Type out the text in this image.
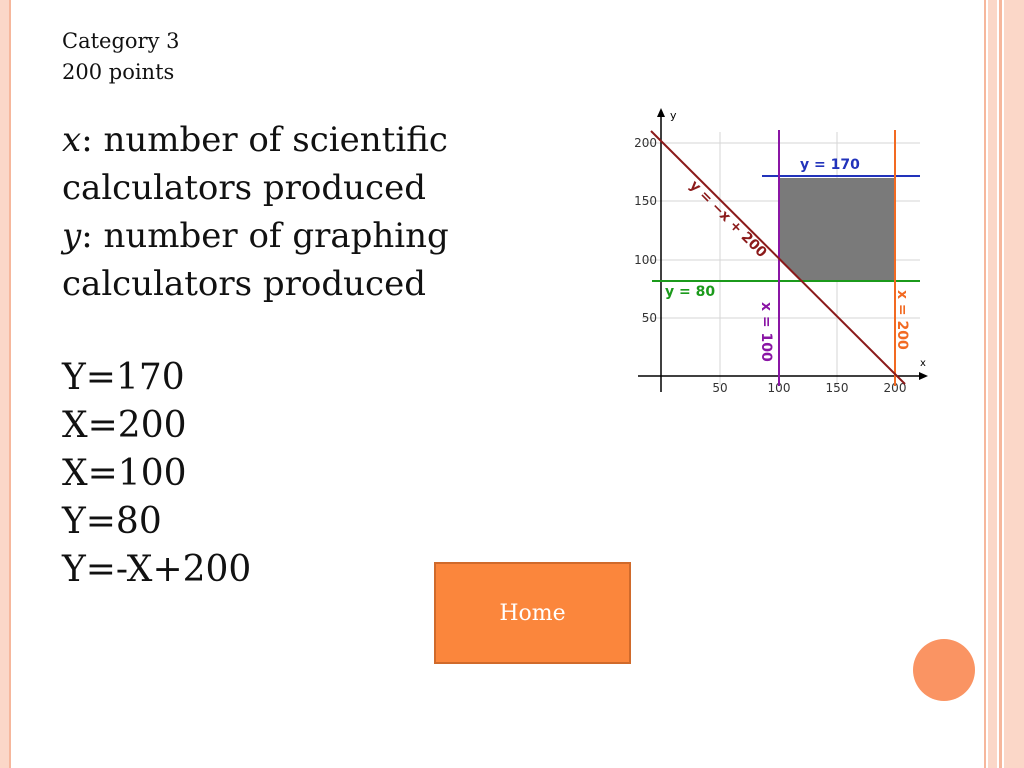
Category 3
200 points
x: number of scientific
calculators produced
y: number of graphing
calculators produced
Y=170
X=200
X=100
Y=80
Y=-X+200
x
y
50	100	150	200
50
100
150
200
y = 170
y = 80
x = 100	x = 200
y = −x + 200
Home
